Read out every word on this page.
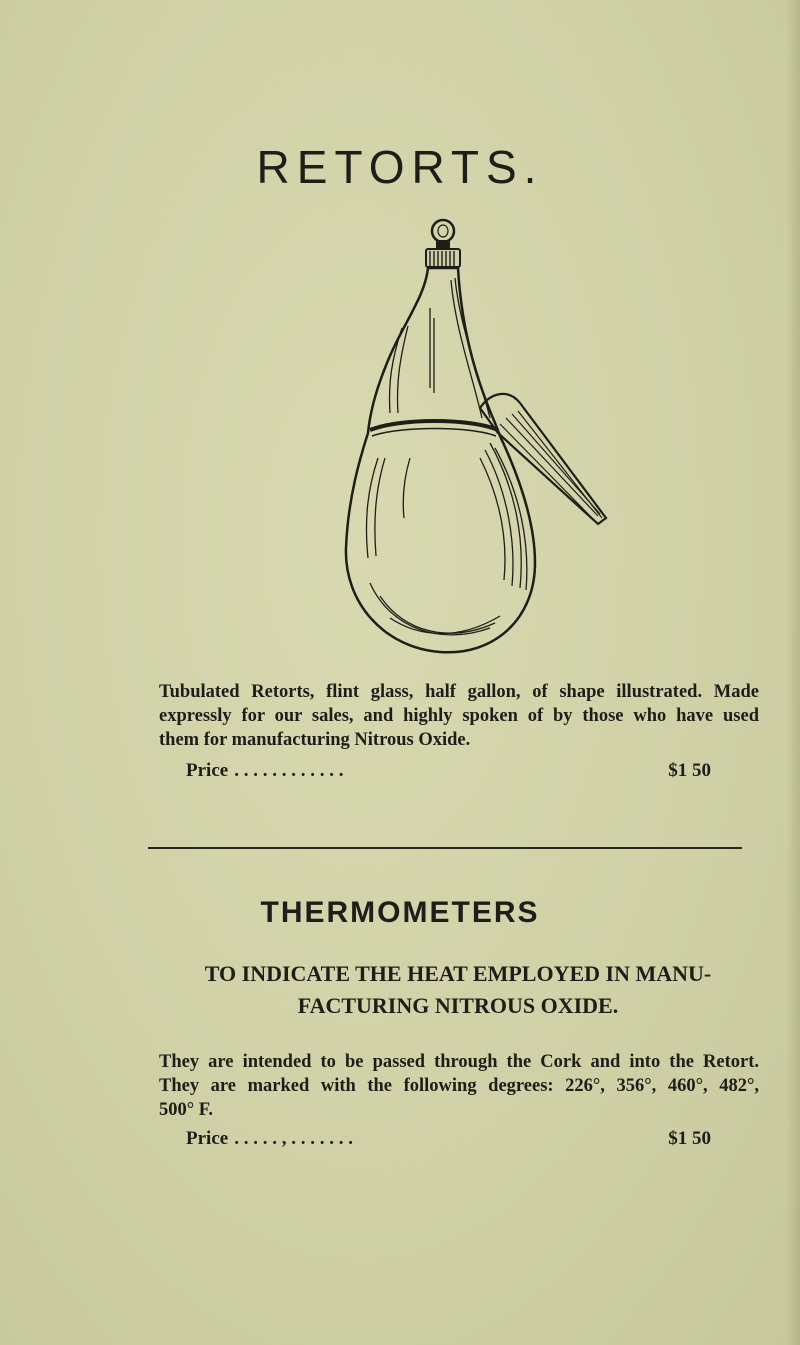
RETORTS.

Tubulated Retorts, flint glass, half gallon, of shape illustrated. Made
expressly for our sales, and highly spoken of by those who have used
them for manufacturing Nitrous Oxide.

Price . . . . . . . . . . . .	$1 50
THERMOMETERS
TO INDICATE THE HEAT EMPLOYED IN MANU-
FACTURING NITROUS OXIDE.

They are intended to be passed through the Cork and into the Retort.
They are marked with the following degrees: 226°, 356°, 460°, 482°,
500° F.

Price . . . . . , . . . . . . .	$1 50
